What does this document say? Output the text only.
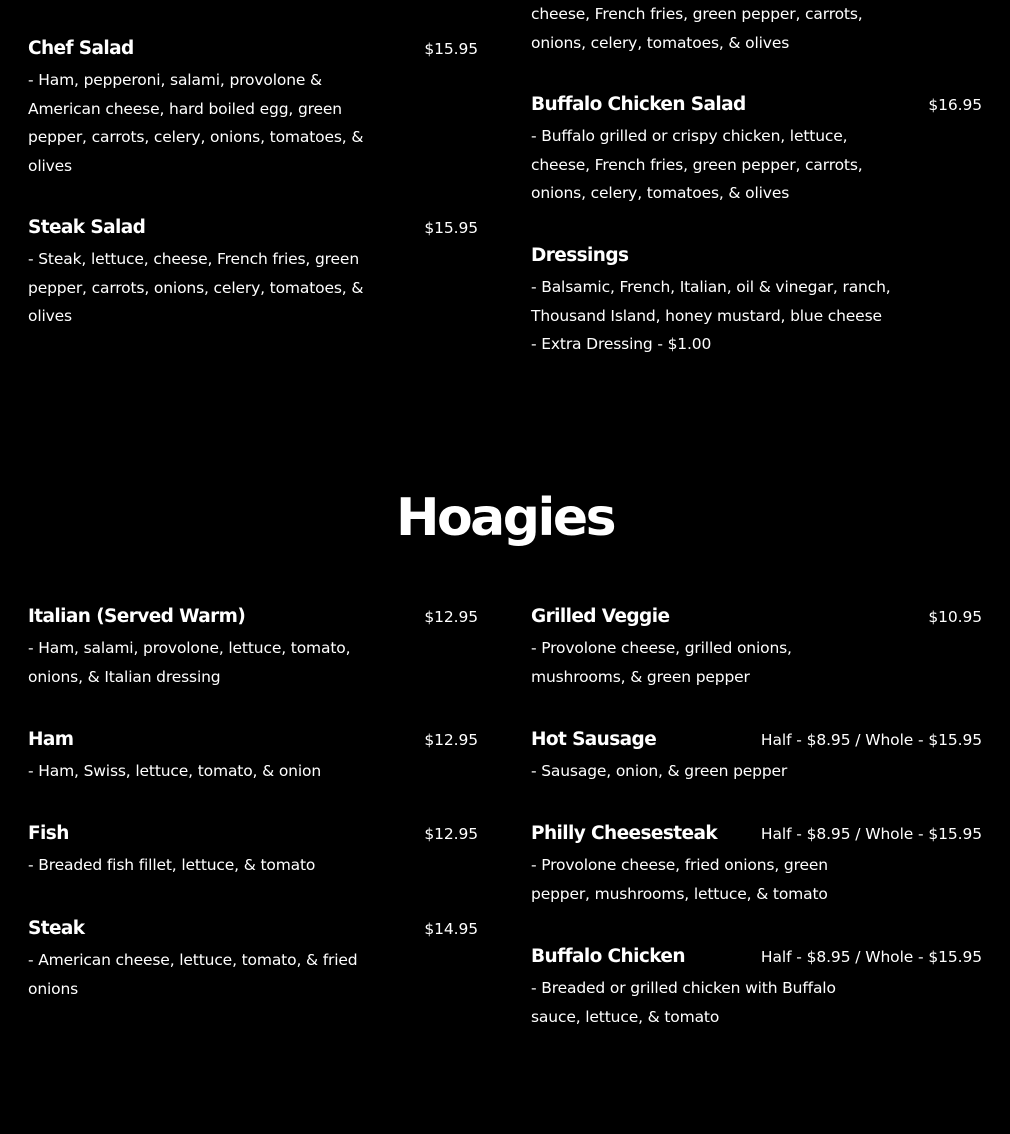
cheese, French fries, green pepper, carrots,
onions, celery, tomatoes, & olives
Chef Salad	$15.95
- Ham, pepperoni, salami, provolone &
American cheese, hard boiled egg, green
pepper, carrots, celery, onions, tomatoes, &
olives
Steak Salad	$15.95
- Steak, lettuce, cheese, French fries, green
pepper, carrots, onions, celery, tomatoes, &
olives
Buffalo Chicken Salad	$16.95
- Buffalo grilled or crispy chicken, lettuce,
cheese, French fries, green pepper, carrots,
onions, celery, tomatoes, & olives
Dressings
- Balsamic, French, Italian, oil & vinegar, ranch,
Thousand Island, honey mustard, blue cheese
- Extra Dressing - $1.00
Hoagies
Italian (Served Warm)	$12.95
- Ham, salami, provolone, lettuce, tomato,
onions, & Italian dressing
Ham	$12.95
- Ham, Swiss, lettuce, tomato, & onion
Fish	$12.95
- Breaded fish fillet, lettuce, & tomato
Steak	$14.95
- American cheese, lettuce, tomato, & fried
onions
Grilled Veggie	$10.95
- Provolone cheese, grilled onions,
mushrooms, & green pepper
Hot Sausage	Half - $8.95 / Whole - $15.95
- Sausage, onion, & green pepper
Philly Cheesesteak	Half - $8.95 / Whole - $15.95
- Provolone cheese, fried onions, green
pepper, mushrooms, lettuce, & tomato
Buffalo Chicken	Half - $8.95 / Whole - $15.95
- Breaded or grilled chicken with Buffalo
sauce, lettuce, & tomato
